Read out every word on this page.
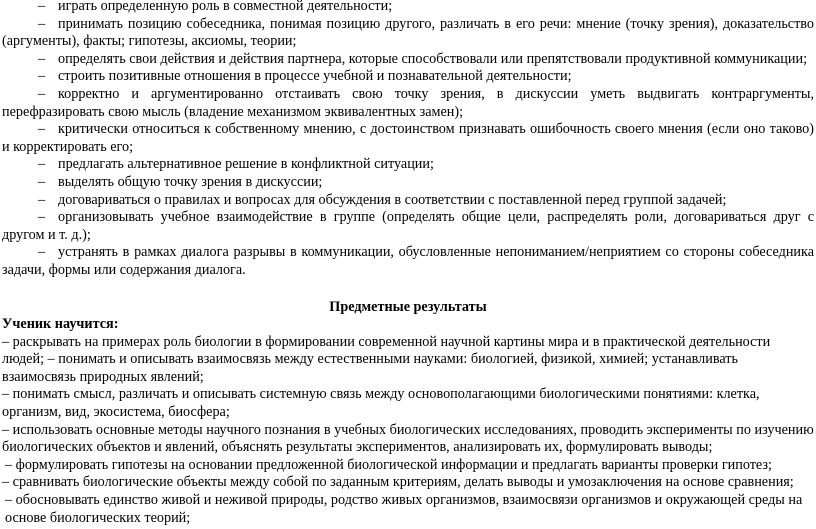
– играть определенную роль в совместной деятельности;

– принимать позицию собеседника, понимая позицию другого, различать в его речи: мнение (точку зрения), доказательство (аргументы), факты; гипотезы, аксиомы, теории;

– определять свои действия и действия партнера, которые способствовали или препятствовали продуктивной коммуникации;

– строить позитивные отношения в процессе учебной и познавательной деятельности;

– корректно и аргументированно отстаивать свою точку зрения, в дискуссии уметь выдвигать контраргументы, перефразировать свою мысль (владение механизмом эквивалентных замен);

– критически относиться к собственному мнению, с достоинством признавать ошибочность своего мнения (если оно таково) и корректировать его;

– предлагать альтернативное решение в конфликтной ситуации;

– выделять общую точку зрения в дискуссии;

– договариваться о правилах и вопросах для обсуждения в соответствии с поставленной перед группой задачей;

– организовывать учебное взаимодействие в группе (определять общие цели, распределять роли, договариваться друг с другом и т. д.);

– устранять в рамках диалога разрывы в коммуникации, обусловленные непониманием/неприятием со стороны собеседника задачи, формы или содержания диалога.

Предметные результаты

Ученик научится:

– раскрывать на примерах роль биологии в формировании современной научной картины мира и в практической деятельности людей; – понимать и описывать взаимосвязь между естественными науками: биологией, физикой, химией; устанавливать взаимосвязь природных явлений;

– понимать смысл, различать и описывать системную связь между основополагающими биологическими понятиями: клетка, организм, вид, экосистема, биосфера;

– использовать основные методы научного познания в учебных биологических исследованиях, проводить эксперименты по изучению биологических объектов и явлений, объяснять результаты экспериментов, анализировать их, формулировать выводы;

– формулировать гипотезы на основании предложенной биологической информации и предлагать варианты проверки гипотез;

– сравнивать биологические объекты между собой по заданным критериям, делать выводы и умозаключения на основе сравнения;

– обосновывать единство живой и неживой природы, родство живых организмов, взаимосвязи организмов и окружающей среды на основе биологических теорий;
